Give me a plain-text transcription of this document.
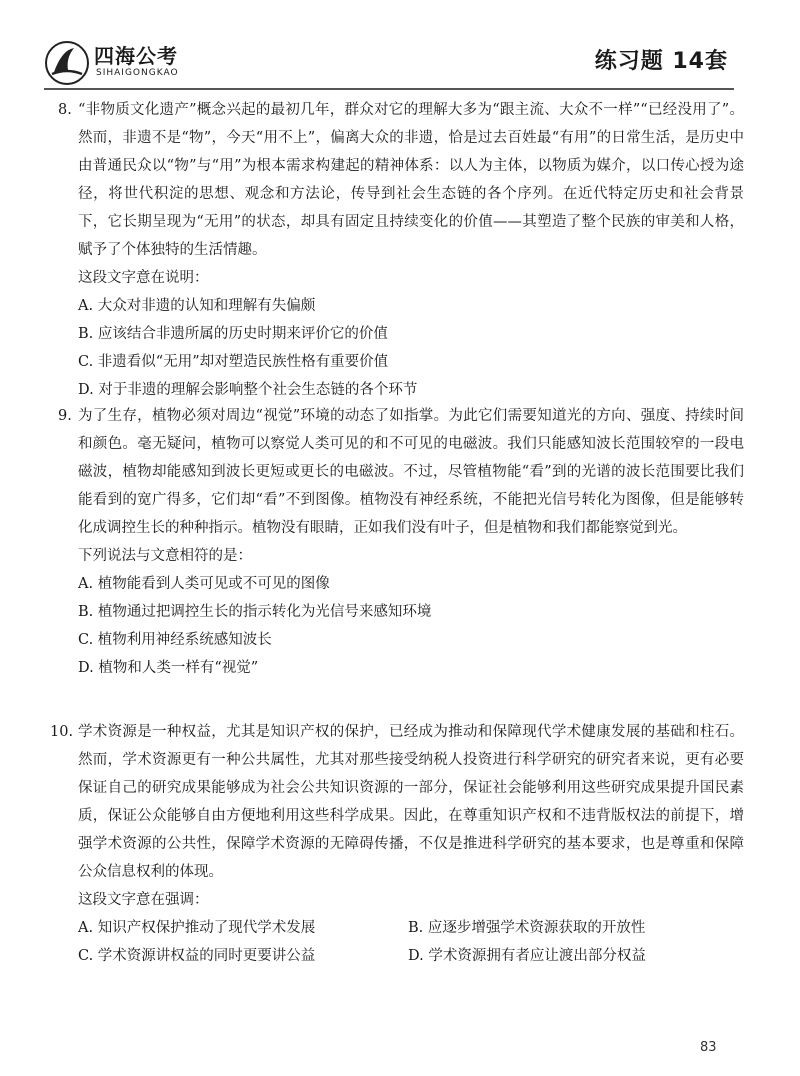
四海公考
SIHAIGONGKAO	练习题 14套
8. “非物质文化遗产”概念兴起的最初几年，群众对它的理解大多为“跟主流、大众不一样”“已经没用了”。然而，非遗不是“物”，今天“用不上”，偏离大众的非遗，恰是过去百姓最“有用”的日常生活，是历史中由普通民众以“物”与“用”为根本需求构建起的精神体系：以人为主体，以物质为媒介，以口传心授为途径，将世代积淀的思想、观念和方法论，传导到社会生态链的各个序列。在近代特定历史和社会背景下，它长期呈现为“无用”的状态，却具有固定且持续变化的价值——其塑造了整个民族的审美和人格，赋予了个体独特的生活情趣。
这段文字意在说明：
A. 大众对非遗的认知和理解有失偏颇
B. 应该结合非遗所属的历史时期来评价它的价值
C. 非遗看似“无用”却对塑造民族性格有重要价值
D. 对于非遗的理解会影响整个社会生态链的各个环节
9. 为了生存，植物必须对周边“视觉”环境的动态了如指掌。为此它们需要知道光的方向、强度、持续时间和颜色。毫无疑问，植物可以察觉人类可见的和不可见的电磁波。我们只能感知波长范围较窄的一段电磁波，植物却能感知到波长更短或更长的电磁波。不过，尽管植物能“看”到的光谱的波长范围要比我们能看到的宽广得多，它们却“看”不到图像。植物没有神经系统，不能把光信号转化为图像，但是能够转化成调控生长的种种指示。植物没有眼睛，正如我们没有叶子，但是植物和我们都能察觉到光。
下列说法与文意相符的是：
A. 植物能看到人类可见或不可见的图像
B. 植物通过把调控生长的指示转化为光信号来感知环境
C. 植物利用神经系统感知波长
D. 植物和人类一样有“视觉”
10. 学术资源是一种权益，尤其是知识产权的保护，已经成为推动和保障现代学术健康发展的基础和柱石。然而，学术资源更有一种公共属性，尤其对那些接受纳税人投资进行科学研究的研究者来说，更有必要保证自己的研究成果能够成为社会公共知识资源的一部分，保证社会能够利用这些研究成果提升国民素质，保证公众能够自由方便地利用这些科学成果。因此，在尊重知识产权和不违背版权法的前提下，增强学术资源的公共性，保障学术资源的无障碍传播，不仅是推进科学研究的基本要求，也是尊重和保障公众信息权利的体现。
这段文字意在强调：
A. 知识产权保护推动了现代学术发展	B. 应逐步增强学术资源获取的开放性
C. 学术资源讲权益的同时更要讲公益	D. 学术资源拥有者应让渡出部分权益
83
